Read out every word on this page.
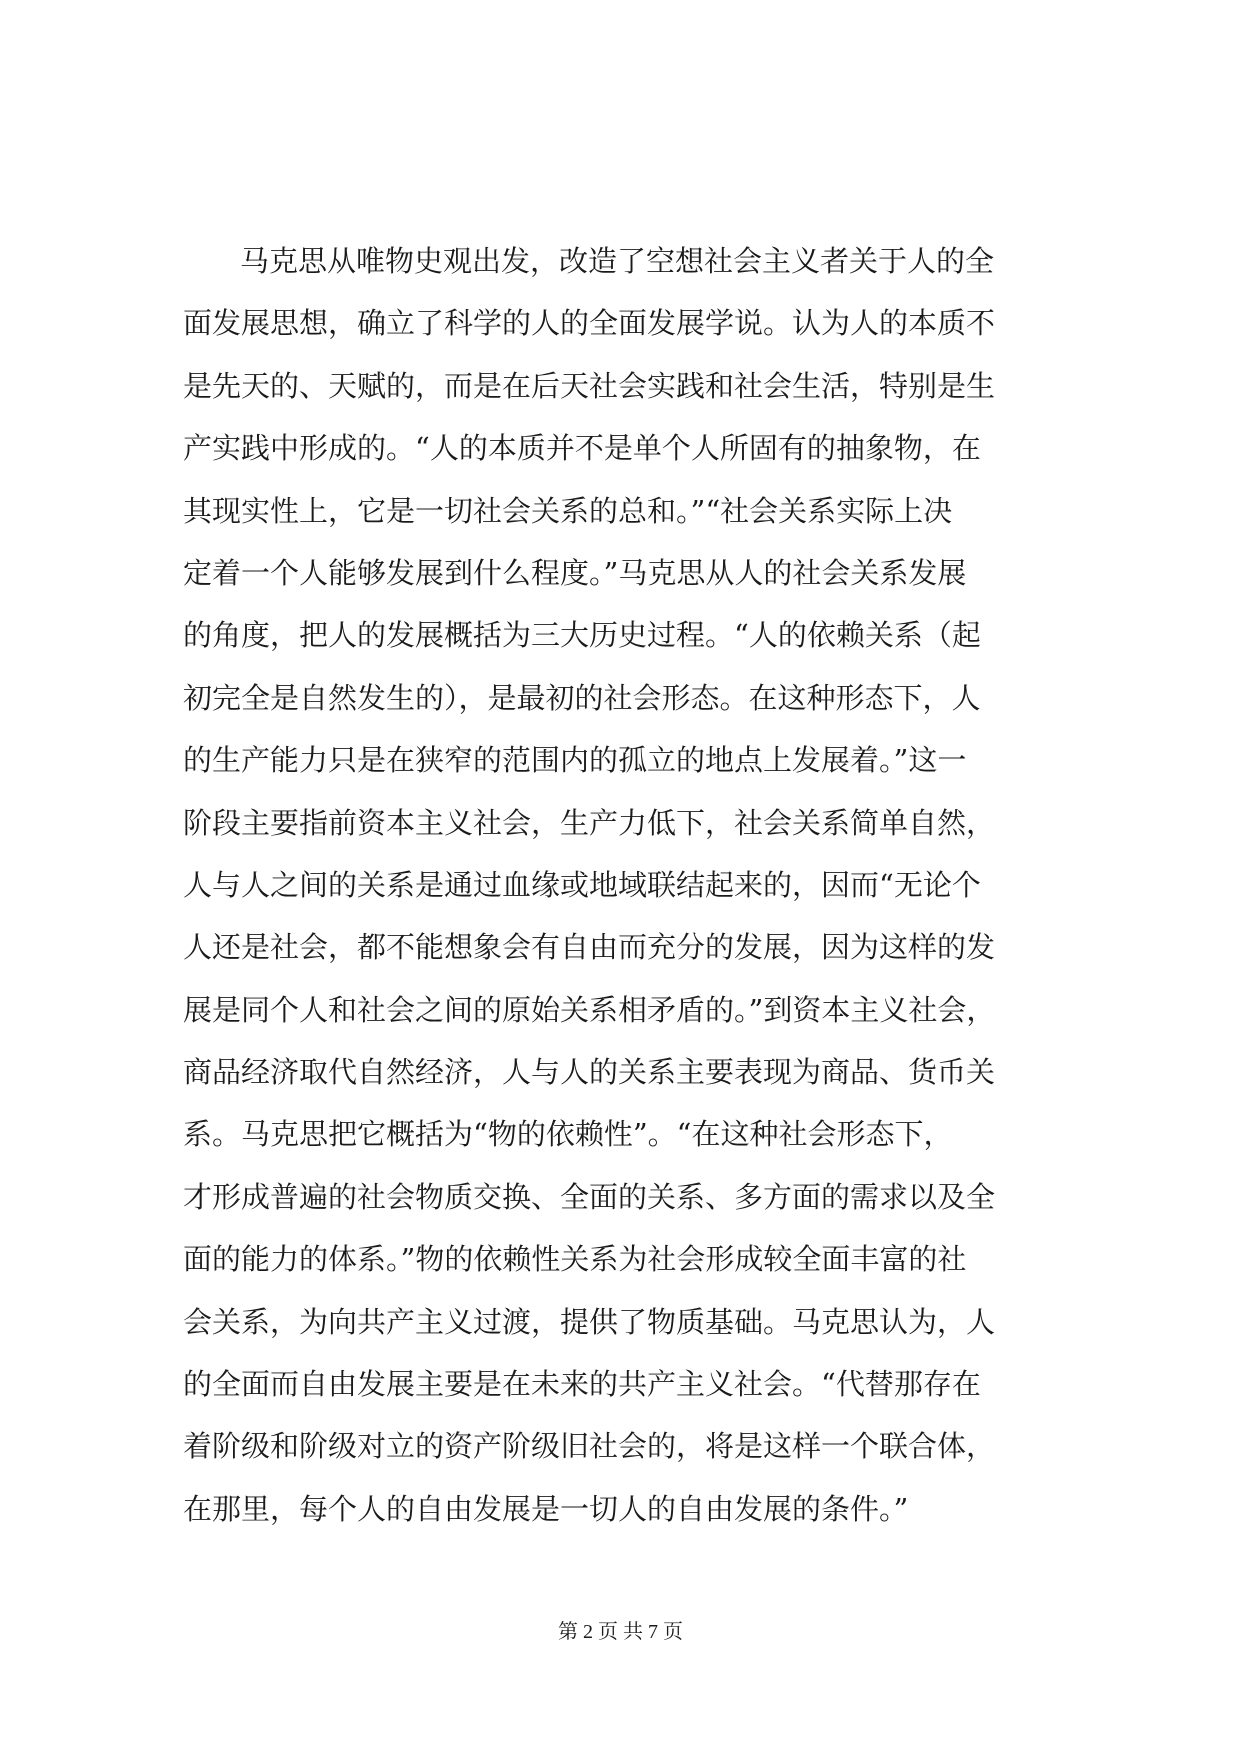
马克思从唯物史观出发，改造了空想社会主义者关于人的全
面发展思想，确立了科学的人的全面发展学说。认为人的本质不
是先天的、天赋的，而是在后天社会实践和社会生活，特别是生
产实践中形成的。“人的本质并不是单个人所固有的抽象物，在
其现实性上，它是一切社会关系的总和。”“社会关系实际上决
定着一个人能够发展到什么程度。”马克思从人的社会关系发展
的角度，把人的发展概括为三大历史过程。“人的依赖关系（起
初完全是自然发生的），是最初的社会形态。在这种形态下，人
的生产能力只是在狭窄的范围内的孤立的地点上发展着。”这一
阶段主要指前资本主义社会，生产力低下，社会关系简单自然，
人与人之间的关系是通过血缘或地域联结起来的，因而“无论个
人还是社会，都不能想象会有自由而充分的发展，因为这样的发
展是同个人和社会之间的原始关系相矛盾的。”到资本主义社会，
商品经济取代自然经济，人与人的关系主要表现为商品、货币关
系。马克思把它概括为“物的依赖性”。“在这种社会形态下，
才形成普遍的社会物质交换、全面的关系、多方面的需求以及全
面的能力的体系。”物的依赖性关系为社会形成较全面丰富的社
会关系，为向共产主义过渡，提供了物质基础。马克思认为，人
的全面而自由发展主要是在未来的共产主义社会。“代替那存在
着阶级和阶级对立的资产阶级旧社会的，将是这样一个联合体，
在那里，每个人的自由发展是一切人的自由发展的条件。”
第 2 页 共 7 页
